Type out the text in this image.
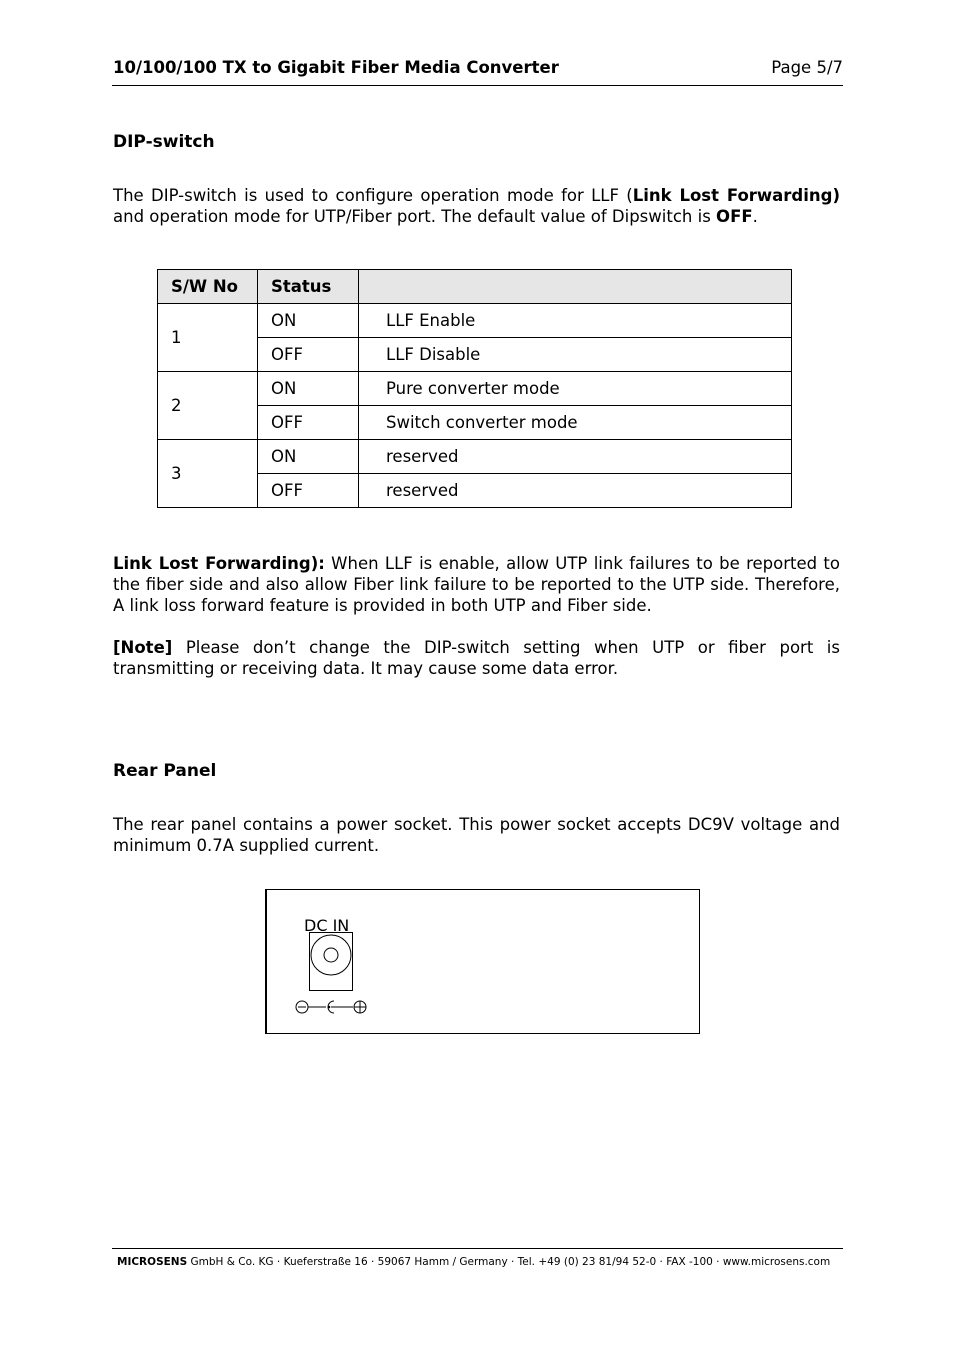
10/100/100 TX to Gigabit Fiber Media Converter	Page 5/7
DIP-switch

The DIP-switch is used to configure operation mode for LLF (Link Lost Forwarding) and operation mode for UTP/Fiber port. The default value of Dipswitch is OFF.

S/W No	Status	
1	ON	LLF Enable
	OFF	LLF Disable
2	ON	Pure converter mode
	OFF	Switch converter mode
3	ON	reserved
	OFF	reserved

Link Lost Forwarding): When LLF is enable, allow UTP link failures to be reported to the fiber side and also allow Fiber link failure to be reported to the UTP side. Therefore, A link loss forward feature is provided in both UTP and Fiber side.

[Note] Please don’t change the DIP-switch setting when UTP or fiber port is transmitting or receiving data. It may cause some data error.

Rear Panel

The rear panel contains a power socket. This power socket accepts DC9V voltage and minimum 0.7A supplied current.

DC IN
MICROSENS GmbH & Co. KG · Kueferstraße 16 · 59067 Hamm / Germany · Tel. +49 (0) 23 81/94 52-0 · FAX -100 · www.microsens.com
